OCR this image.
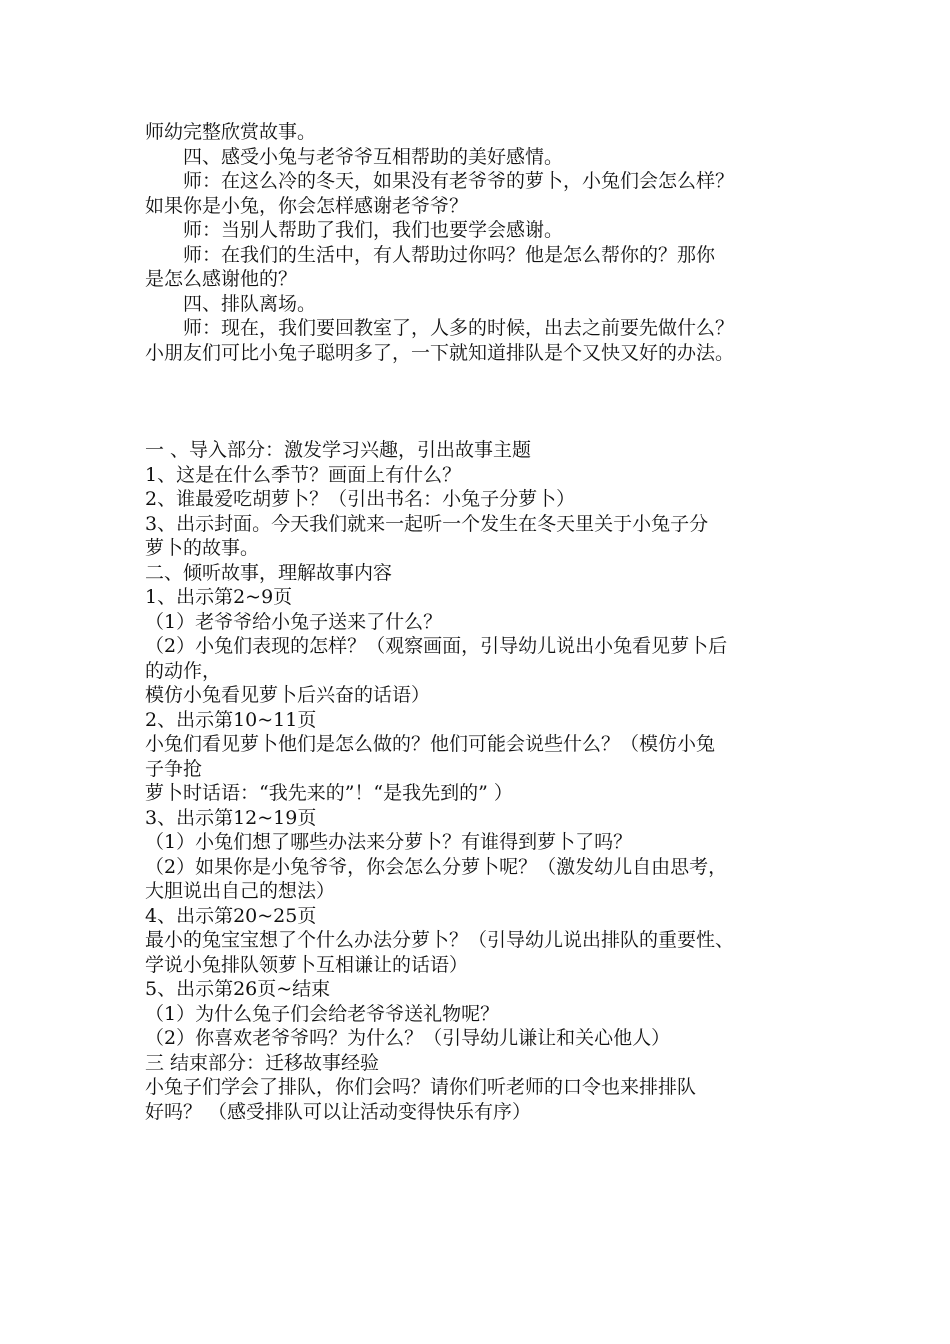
师幼完整欣赏故事。
四、感受小兔与老爷爷互相帮助的美好感情。
师：在这么冷的冬天，如果没有老爷爷的萝卜，小兔们会怎么样？
如果你是小兔，你会怎样感谢老爷爷？
师：当别人帮助了我们，我们也要学会感谢。
师：在我们的生活中，有人帮助过你吗？他是怎么帮你的？那你
是怎么感谢他的？
四、排队离场。
师：现在，我们要回教室了，人多的时候，出去之前要先做什么？
小朋友们可比小兔子聪明多了，一下就知道排队是个又快又好的办法。
一 、导入部分：激发学习兴趣，引出故事主题
1、这是在什么季节？画面上有什么？
2、谁最爱吃胡萝卜？（引出书名：小兔子分萝卜）
3、出示封面。今天我们就来一起听一个发生在冬天里关于小兔子分
萝卜的故事。
二、倾听故事，理解故事内容
1、出示第2~9页
（1）老爷爷给小兔子送来了什么？
（2）小兔们表现的怎样？（观察画面，引导幼儿说出小兔看见萝卜后
的动作，
模仿小兔看见萝卜后兴奋的话语）
2、出示第10~11页
小兔们看见萝卜他们是怎么做的？他们可能会说些什么？（模仿小兔
子争抢
萝卜时话语：“我先来的”！“是我先到的” ）
3、出示第12~19页
（1）小兔们想了哪些办法来分萝卜？有谁得到萝卜了吗？
（2）如果你是小兔爷爷，你会怎么分萝卜呢？（激发幼儿自由思考，
大胆说出自己的想法）
4、出示第20~25页
最小的兔宝宝想了个什么办法分萝卜？（引导幼儿说出排队的重要性、
学说小兔排队领萝卜互相谦让的话语）
5、出示第26页~结束
（1）为什么兔子们会给老爷爷送礼物呢？
（2）你喜欢老爷爷吗？为什么？（引导幼儿谦让和关心他人）
三 结束部分：迁移故事经验
小兔子们学会了排队，你们会吗？请你们听老师的口令也来排排队
好吗？ （感受排队可以让活动变得快乐有序）
